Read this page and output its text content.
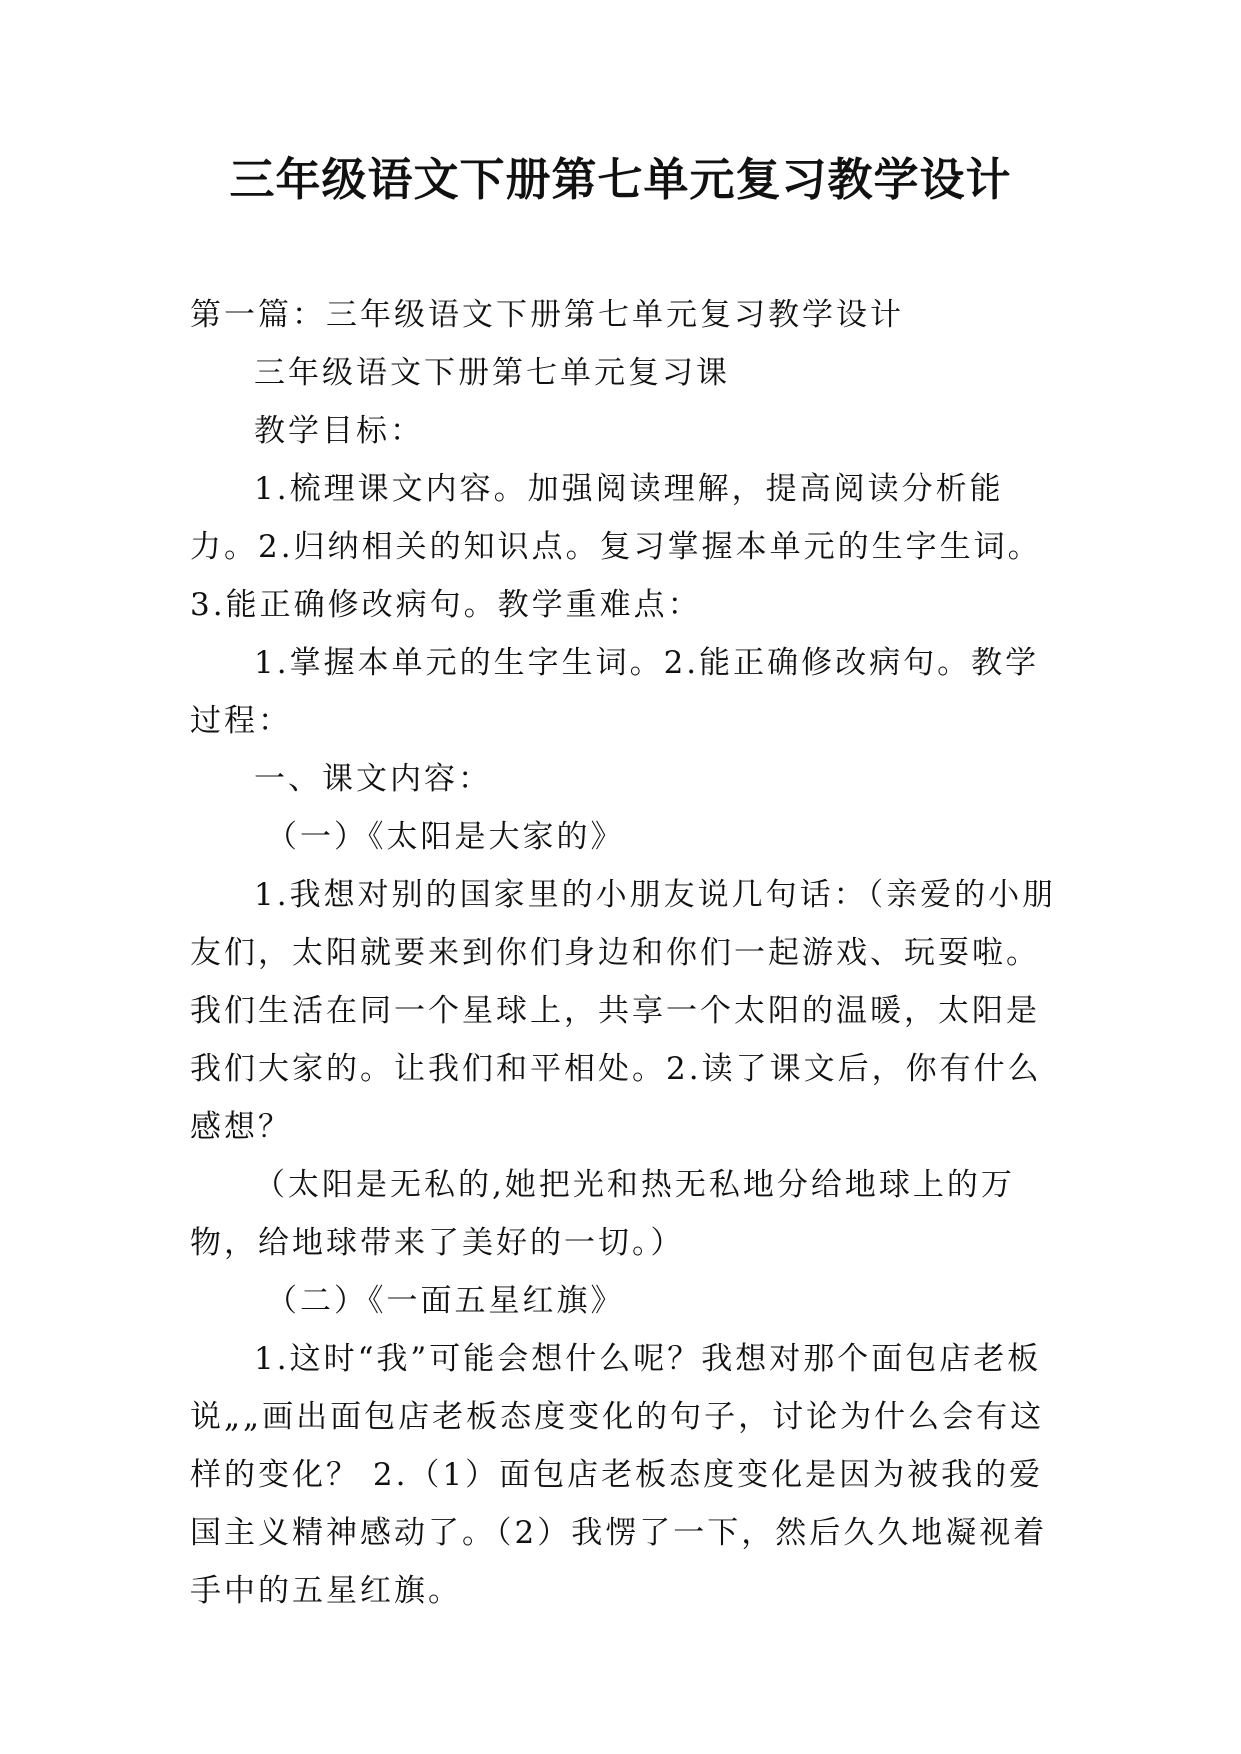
三年级语文下册第七单元复习教学设计

第一篇：三年级语文下册第七单元复习教学设计

三年级语文下册第七单元复习课

教学目标：

1.梳理课文内容。加强阅读理解，提高阅读分析能力。2.归纳相关的知识点。复习掌握本单元的生字生词。3.能正确修改病句。教学重难点：

1.掌握本单元的生字生词。2.能正确修改病句。教学过程：

一、课文内容：

（一）《太阳是大家的》

1.我想对别的国家里的小朋友说几句话：（亲爱的小朋友们，太阳就要来到你们身边和你们一起游戏、玩耍啦。我们生活在同一个星球上，共享一个太阳的温暖，太阳是我们大家的。让我们和平相处。2.读了课文后，你有什么感想？

（太阳是无私的,她把光和热无私地分给地球上的万物，给地球带来了美好的一切。）

（二）《一面五星红旗》

1.这时“我”可能会想什么呢？我想对那个面包店老板说„„画出面包店老板态度变化的句子，讨论为什么会有这样的变化？ 2.（1）面包店老板态度变化是因为被我的爱国主义精神感动了。（2）我愣了一下，然后久久地凝视着手中的五星红旗。
